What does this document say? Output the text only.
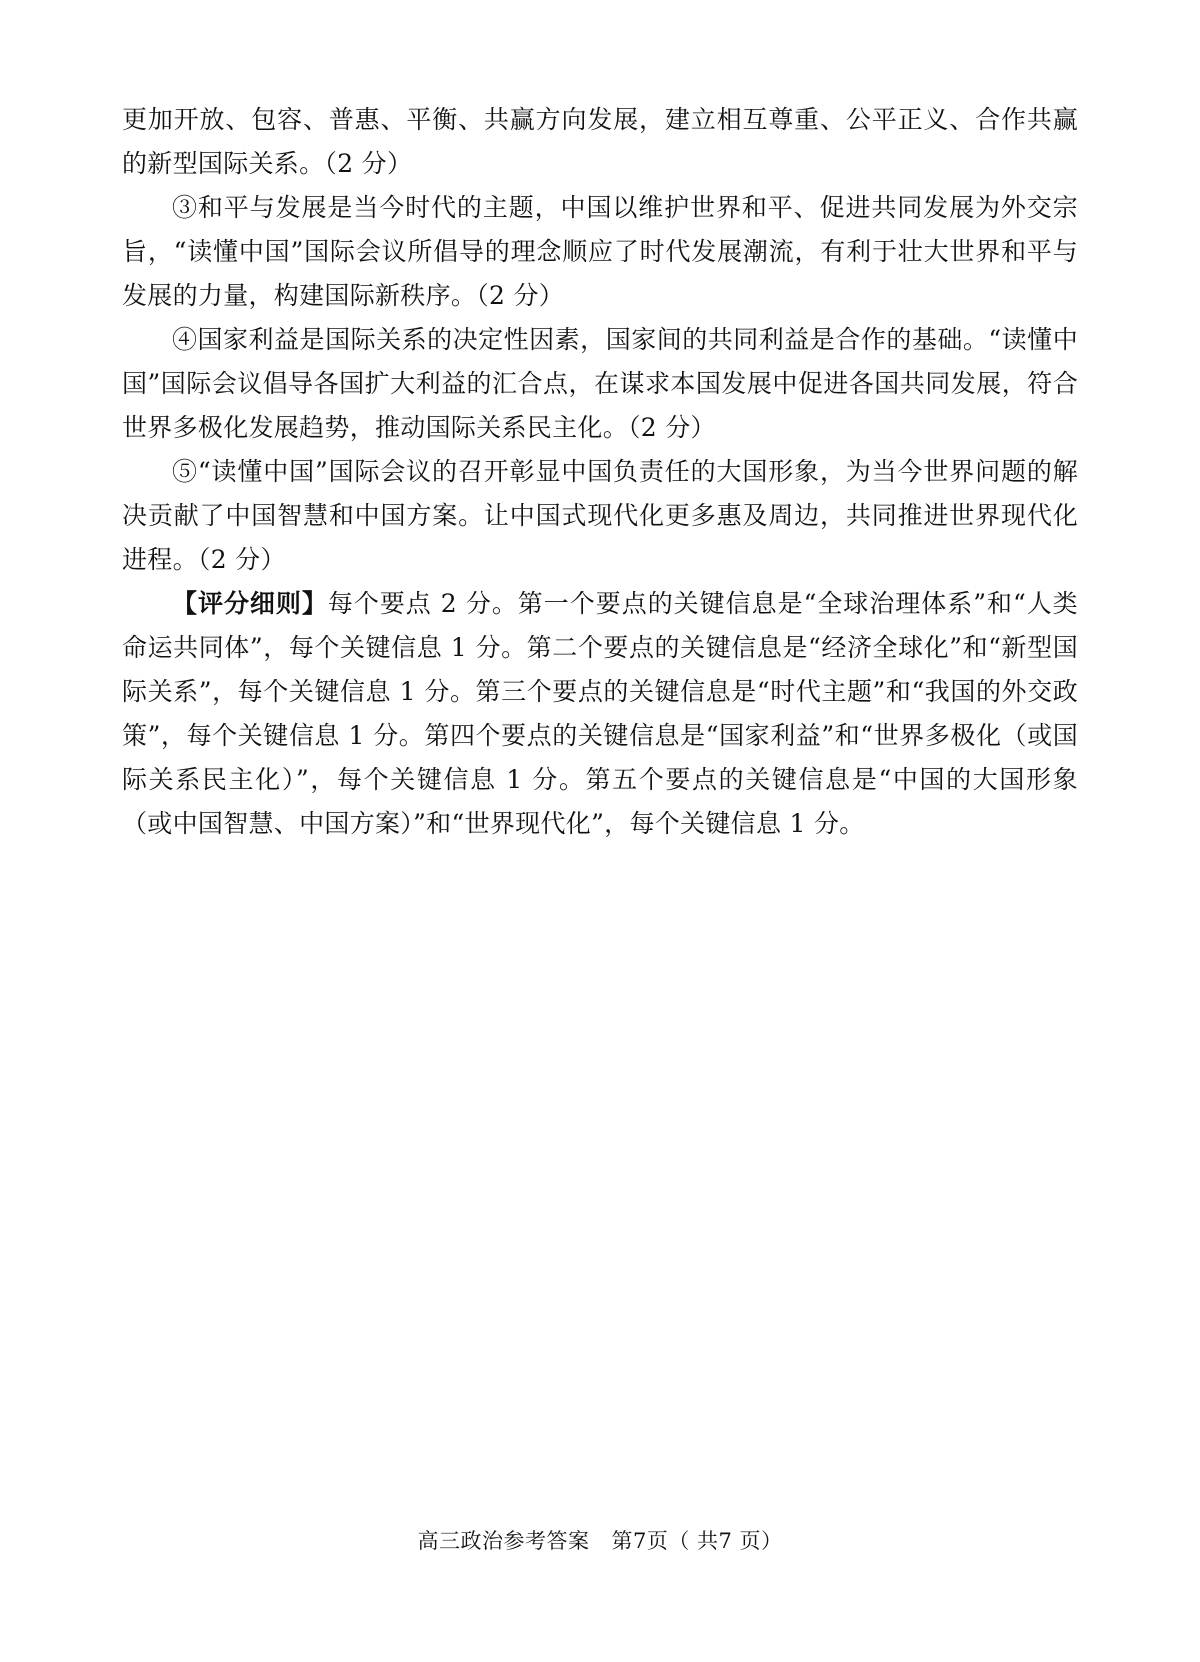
更加开放、包容、普惠、平衡、共赢方向发展，建立相互尊重、公平正义、合作共赢的新型国际关系。（2 分）

③和平与发展是当今时代的主题，中国以维护世界和平、促进共同发展为外交宗旨，“读懂中国”国际会议所倡导的理念顺应了时代发展潮流，有利于壮大世界和平与发展的力量，构建国际新秩序。（2 分）

④国家利益是国际关系的决定性因素，国家间的共同利益是合作的基础。“读懂中国”国际会议倡导各国扩大利益的汇合点，在谋求本国发展中促进各国共同发展，符合世界多极化发展趋势，推动国际关系民主化。（2 分）

⑤“读懂中国”国际会议的召开彰显中国负责任的大国形象，为当今世界问题的解决贡献了中国智慧和中国方案。让中国式现代化更多惠及周边，共同推进世界现代化进程。（2 分）

【评分细则】每个要点 2 分。第一个要点的关键信息是“全球治理体系”和“人类命运共同体”，每个关键信息 1 分。第二个要点的关键信息是“经济全球化”和“新型国际关系”，每个关键信息 1 分。第三个要点的关键信息是“时代主题”和“我国的外交政策”，每个关键信息 1 分。第四个要点的关键信息是“国家利益”和“世界多极化（或国际关系民主化）”，每个关键信息 1 分。第五个要点的关键信息是“中国的大国形象（或中国智慧、中国方案）”和“世界现代化”，每个关键信息 1 分。

高三政治参考答案 第7页（ 共7 页）
